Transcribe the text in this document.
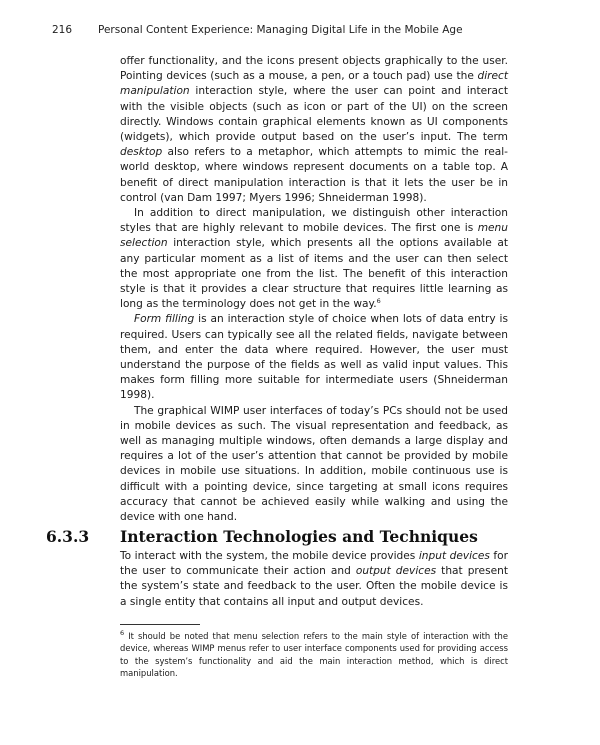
216 Personal Content Experience: Managing Digital Life in the Mobile Age

offer functionality, and the icons present objects graphically to the user. Pointing devices (such as a mouse, a pen, or a touch pad) use the direct manipulation interaction style, where the user can point and interact with the visible objects (such as icon or part of the UI) on the screen directly. Windows contain graphical elements known as UI components (widgets), which provide output based on the user’s input. The term desktop also refers to a metaphor, which attempts to mimic the real-world desktop, where windows represent documents on a table top. A benefit of direct manipulation interaction is that it lets the user be in control (van Dam 1997; Myers 1996; Shneiderman 1998).

In addition to direct manipulation, we distinguish other interaction styles that are highly relevant to mobile devices. The first one is menu selection interaction style, which presents all the options available at any particular moment as a list of items and the user can then select the most appropriate one from the list. The benefit of this interaction style is that it provides a clear structure that requires little learning as long as the terminology does not get in the way.$^6$

Form filling is an interaction style of choice when lots of data entry is required. Users can typically see all the related fields, navigate between them, and enter the data where required. However, the user must understand the purpose of the fields as well as valid input values. This makes form filling more suitable for intermediate users (Shneiderman 1998).

The graphical WIMP user interfaces of today’s PCs should not be used in mobile devices as such. The visual representation and feedback, as well as managing multiple windows, often demands a large display and requires a lot of the user’s attention that cannot be provided by mobile devices in mobile use situations. In addition, mobile continuous use is difficult with a pointing device, since targeting at small icons requires accuracy that cannot be achieved easily while walking and using the device with one hand.

6.3.3 Interaction Technologies and Techniques

To interact with the system, the mobile device provides input devices for the user to communicate their action and output devices that present the system’s state and feedback to the user. Often the mobile device is a single entity that contains all input and output devices.

$^6$ It should be noted that menu selection refers to the main style of interaction with the device, whereas WIMP menus refer to user interface components used for providing access to the system’s functionality and aid the main interaction method, which is direct manipulation.
